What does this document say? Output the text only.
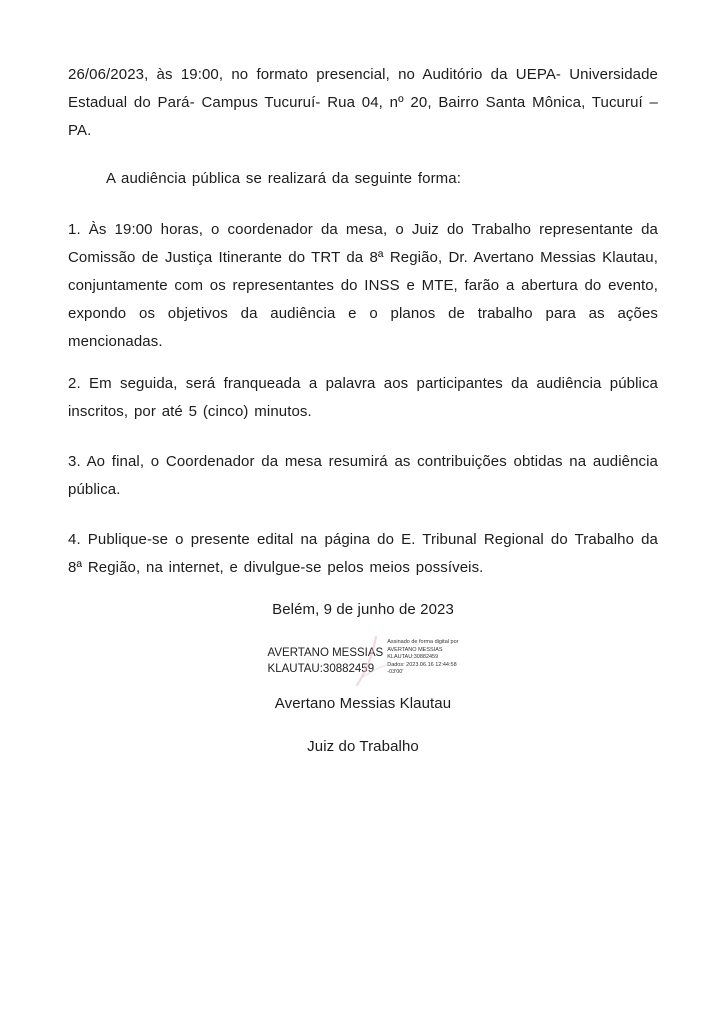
26/06/2023, às 19:00, no formato presencial, no Auditório da UEPA- Universidade Estadual do Pará- Campus Tucuruí- Rua 04, nº 20, Bairro Santa Mônica, Tucuruí – PA.

A audiência pública se realizará da seguinte forma:

1. Às 19:00 horas, o coordenador da mesa, o Juiz do Trabalho representante da Comissão de Justiça Itinerante do TRT da 8ª Região, Dr. Avertano Messias Klautau, conjuntamente com os representantes do INSS e MTE, farão a abertura do evento, expondo os objetivos da audiência e o planos de trabalho para as ações mencionadas.

2. Em seguida, será franqueada a palavra aos participantes da audiência pública inscritos, por até 5 (cinco) minutos.

3. Ao final, o Coordenador da mesa resumirá as contribuições obtidas na audiência pública.

4. Publique-se o presente edital na página do E. Tribunal Regional do Trabalho da 8ª Região, na internet, e divulgue-se pelos meios possíveis.

Belém, 9 de junho de 2023

AVERTANO MESSIAS
KLAUTAU:30882459
Assinado de forma digital por
AVERTANO MESSIAS
KLAUTAU:30882459
Dados: 2023.06.16 12:44:58
-03'00'

Avertano Messias Klautau

Juiz do Trabalho
